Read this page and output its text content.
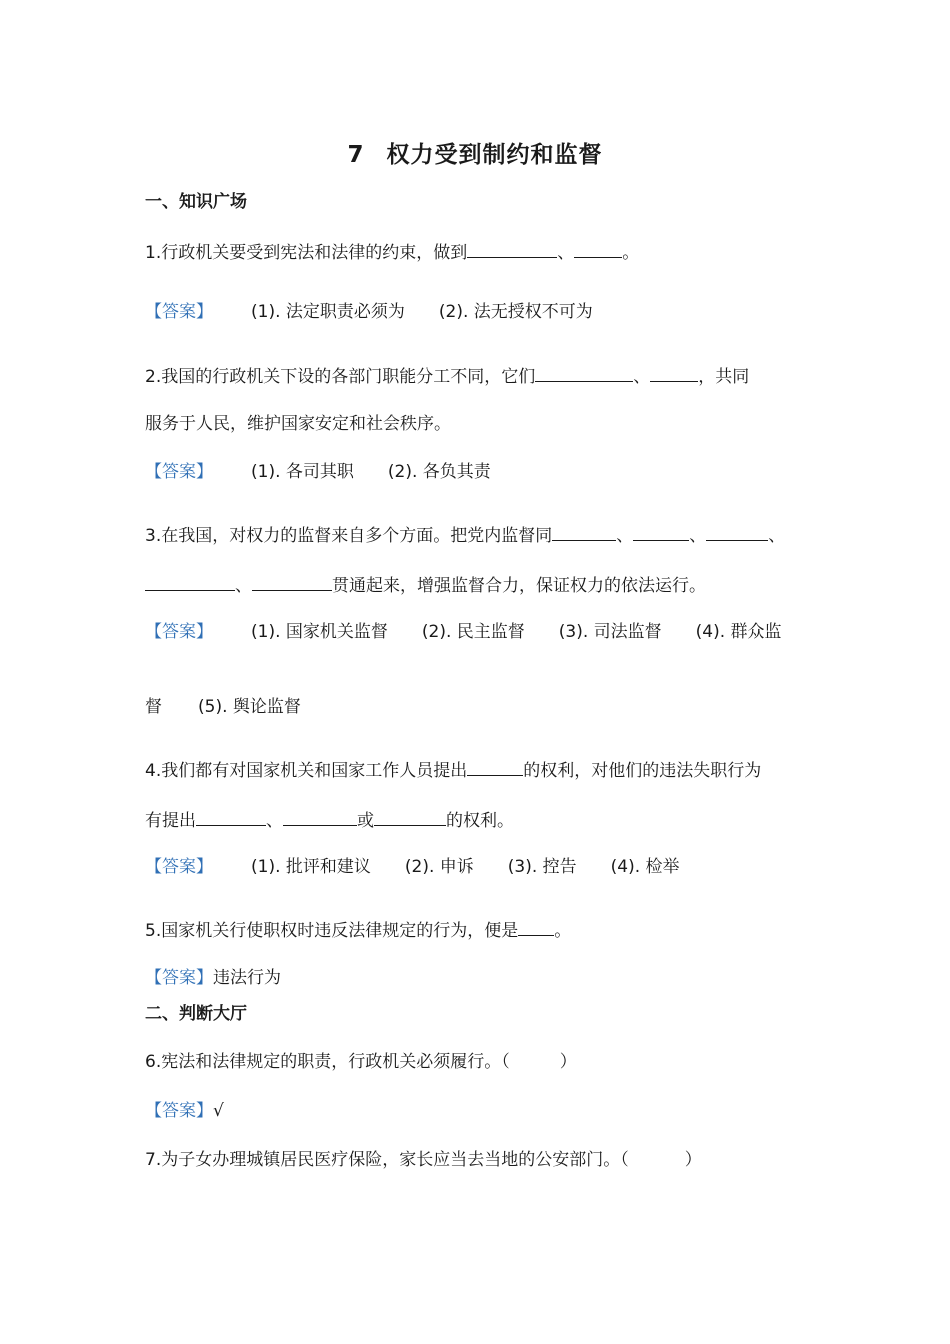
7 权力受到制约和监督
一、知识广场
1.行政机关要受到宪法和法律的约束，做到	、	。
【答案】 (1). 法定职责必须为 (2). 法无授权不可为
2.我国的行政机关下设的各部门职能分工不同，它们	、	，共同
服务于人民，维护国家安定和社会秩序。
【答案】 (1). 各司其职 (2). 各负其责
3.在我国，对权力的监督来自多个方面。把党内监督同	、	、	、
、	贯通起来，增强监督合力，保证权力的依法运行。
【答案】 (1). 国家机关监督 (2). 民主监督 (3). 司法监督 (4). 群众监
督 (5). 舆论监督
4.我们都有对国家机关和国家工作人员提出	的权利，对他们的违法失职行为
有提出	、	或	的权利。
【答案】 (1). 批评和建议 (2). 申诉 (3). 控告 (4). 检举
5.国家机关行使职权时违反法律规定的行为，便是 。
【答案】违法行为
二、判断大厅
6.宪法和法律规定的职责，行政机关必须履行。（	）
【答案】√
7.为子女办理城镇居民医疗保险，家长应当去当地的公安部门。（	）
